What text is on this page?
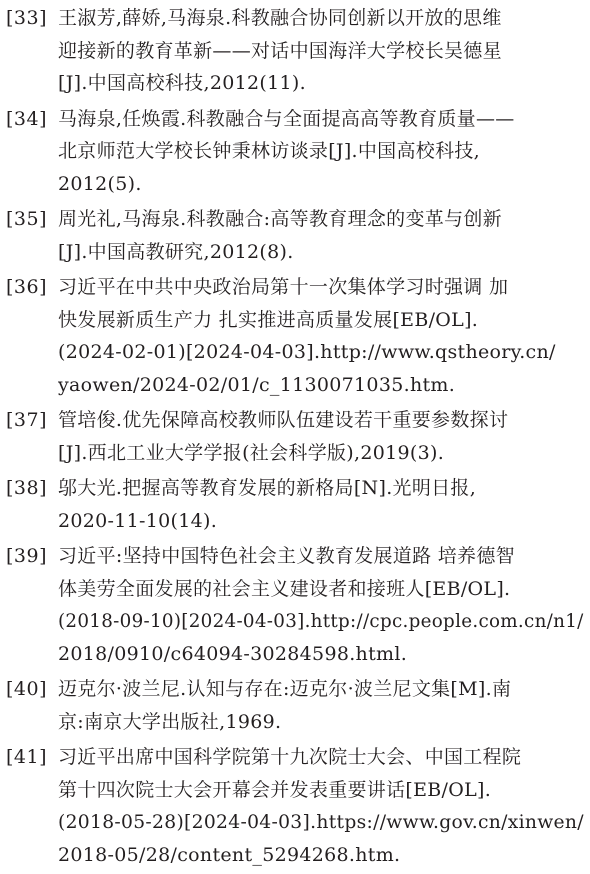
[33] 王淑芳,薛娇,马海泉.科教融合协同创新以开放的思维
迎接新的教育革新——对话中国海洋大学校长吴德星
[J].中国高校科技,2012(11).
[34] 马海泉,任焕霞.科教融合与全面提高高等教育质量——
北京师范大学校长钟秉林访谈录[J].中国高校科技,
2012(5).
[35] 周光礼,马海泉.科教融合:高等教育理念的变革与创新
[J].中国高教研究,2012(8).
[36] 习近平在中共中央政治局第十一次集体学习时强调 加
快发展新质生产力 扎实推进高质量发展[EB/OL].
(2024-02-01)[2024-04-03].http://www.qstheory.cn/
yaowen/2024-02/01/c_1130071035.htm.
[37] 管培俊.优先保障高校教师队伍建设若干重要参数探讨
[J].西北工业大学学报(社会科学版),2019(3).
[38] 邬大光.把握高等教育发展的新格局[N].光明日报,
2020-11-10(14).
[39] 习近平:坚持中国特色社会主义教育发展道路 培养德智
体美劳全面发展的社会主义建设者和接班人[EB/OL].
(2018-09-10)[2024-04-03].http://cpc.people.com.cn/n1/
2018/0910/c64094-30284598.html.
[40] 迈克尔·波兰尼.认知与存在:迈克尔·波兰尼文集[M].南
京:南京大学出版社,1969.
[41] 习近平出席中国科学院第十九次院士大会、中国工程院
第十四次院士大会开幕会并发表重要讲话[EB/OL].
(2018-05-28)[2024-04-03].https://www.gov.cn/xinwen/
2018-05/28/content_5294268.htm.
